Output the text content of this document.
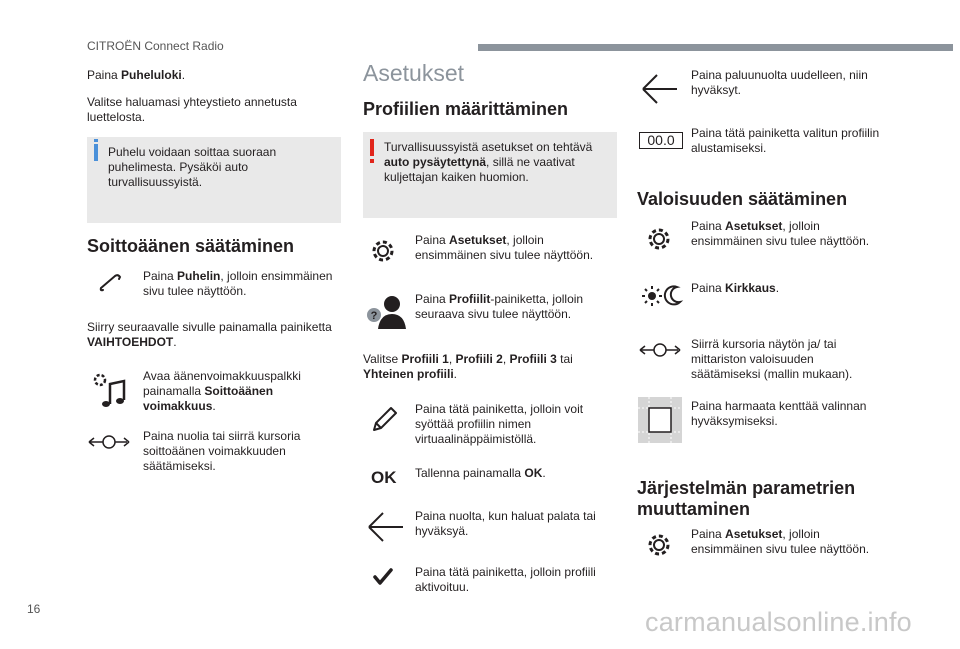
CITROËN Connect Radio
Paina Puheluloki.
Valitse haluamasi yhteystieto annetusta luettelosta.
Puhelu voidaan soittaa suoraan puhelimesta. Pysäköi auto turvallisuussyistä.
Soittoäänen säätäminen
Paina Puhelin, jolloin ensimmäinen sivu tulee näyttöön.
Siirry seuraavalle sivulle painamalla painiketta VAIHTOEHDOT.
Avaa äänenvoimakkuuspalkki painamalla Soittoäänen voimakkuus.
Paina nuolia tai siirrä kursoria soittoäänen voimakkuuden säätämiseksi.
Asetukset
Profiilien määrittäminen
Turvallisuussyistä asetukset on tehtävä auto pysäytettynä, sillä ne vaativat kuljettajan kaiken huomion.
Paina Asetukset, jolloin ensimmäinen sivu tulee näyttöön.
?
Paina Profiilit-painiketta, jolloin seuraava sivu tulee näyttöön.
Valitse Profiili 1, Profiili 2, Profiili 3 tai Yhteinen profiili.
Paina tätä painiketta, jolloin voit syöttää profiilin nimen virtuaalinäppäimistöllä.
OK Tallenna painamalla OK.
Paina nuolta, kun haluat palata tai hyväksyä.
Paina tätä painiketta, jolloin profiili aktivoituu.
Paina paluunuolta uudelleen, niin hyväksyt.
00.0	Paina tätä painiketta valitun profiilin alustamiseksi.
Valoisuuden säätäminen
Paina Asetukset, jolloin ensimmäinen sivu tulee näyttöön.
Paina Kirkkaus.
Siirrä kursoria näytön ja/ tai mittariston valoisuuden säätämiseksi (mallin mukaan).
Paina harmaata kenttää valinnan hyväksymiseksi.
Järjestelmän parametrien muuttaminen
Paina Asetukset, jolloin ensimmäinen sivu tulee näyttöön.
16	carmanualsonline.info
